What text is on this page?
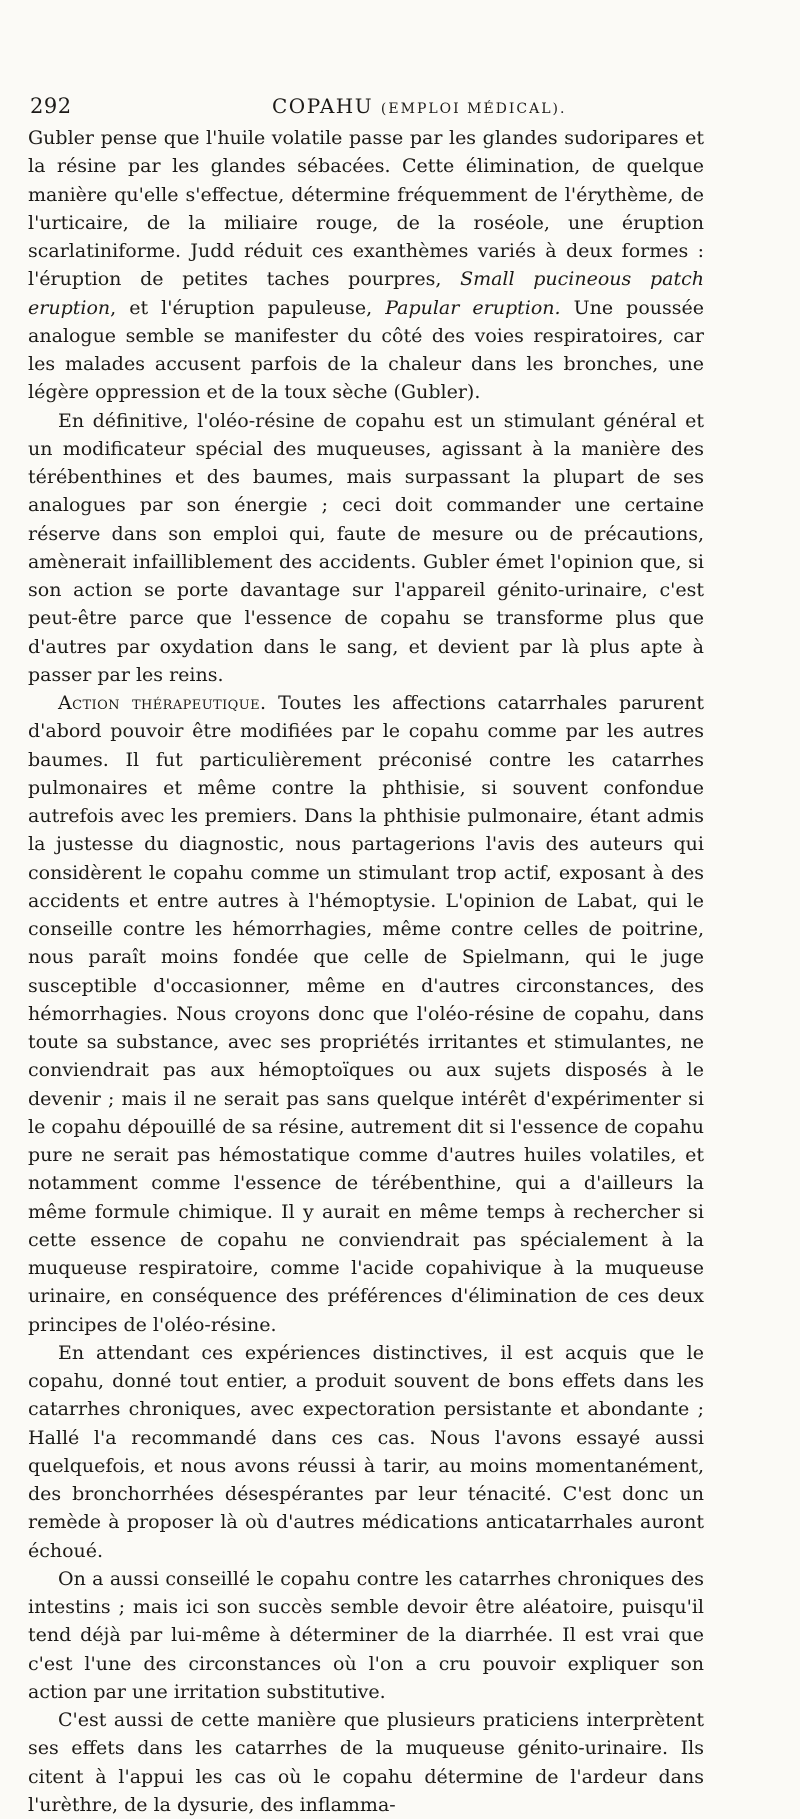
292	COPAHU (EMPLOI MÉDICAL).

Gubler pense que l'huile volatile passe par les glandes sudoripares et la résine par les glandes sébacées. Cette élimination, de quelque manière qu'elle s'effectue, détermine fréquemment de l'érythème, de l'urticaire, de la miliaire rouge, de la roséole, une éruption scarlatiniforme. Judd réduit ces exanthèmes variés à deux formes : l'éruption de petites taches pourpres, Small pucineous patch eruption, et l'éruption papuleuse, Papular eruption. Une poussée analogue semble se manifester du côté des voies respiratoires, car les malades accusent parfois de la chaleur dans les bronches, une légère oppression et de la toux sèche (Gubler).

En définitive, l'oléo-résine de copahu est un stimulant général et un modificateur spécial des muqueuses, agissant à la manière des térébenthines et des baumes, mais surpassant la plupart de ses analogues par son énergie ; ceci doit commander une certaine réserve dans son emploi qui, faute de mesure ou de précautions, amènerait infailliblement des accidents. Gubler émet l'opinion que, si son action se porte davantage sur l'appareil génito-urinaire, c'est peut-être parce que l'essence de copahu se transforme plus que d'autres par oxydation dans le sang, et devient par là plus apte à passer par les reins.

Action thérapeutique. Toutes les affections catarrhales parurent d'abord pouvoir être modifiées par le copahu comme par les autres baumes. Il fut particulièrement préconisé contre les catarrhes pulmonaires et même contre la phthisie, si souvent confondue autrefois avec les premiers. Dans la phthisie pulmonaire, étant admis la justesse du diagnostic, nous partagerions l'avis des auteurs qui considèrent le copahu comme un stimulant trop actif, exposant à des accidents et entre autres à l'hémoptysie. L'opinion de Labat, qui le conseille contre les hémorrhagies, même contre celles de poitrine, nous paraît moins fondée que celle de Spielmann, qui le juge susceptible d'occasionner, même en d'autres circonstances, des hémorrhagies. Nous croyons donc que l'oléo-résine de copahu, dans toute sa substance, avec ses propriétés irritantes et stimulantes, ne conviendrait pas aux hémoptoïques ou aux sujets disposés à le devenir ; mais il ne serait pas sans quelque intérêt d'expérimenter si le copahu dépouillé de sa résine, autrement dit si l'essence de copahu pure ne serait pas hémostatique comme d'autres huiles volatiles, et notamment comme l'essence de térébenthine, qui a d'ailleurs la même formule chimique. Il y aurait en même temps à rechercher si cette essence de copahu ne conviendrait pas spécialement à la muqueuse respiratoire, comme l'acide copahivique à la muqueuse urinaire, en conséquence des préférences d'élimination de ces deux principes de l'oléo-résine.

En attendant ces expériences distinctives, il est acquis que le copahu, donné tout entier, a produit souvent de bons effets dans les catarrhes chroniques, avec expectoration persistante et abondante ; Hallé l'a recommandé dans ces cas. Nous l'avons essayé aussi quelquefois, et nous avons réussi à tarir, au moins momentanément, des bronchorrhées désespérantes par leur ténacité. C'est donc un remède à proposer là où d'autres médications anticatarrhales auront échoué.

On a aussi conseillé le copahu contre les catarrhes chroniques des intestins ; mais ici son succès semble devoir être aléatoire, puisqu'il tend déjà par lui-même à déterminer de la diarrhée. Il est vrai que c'est l'une des circonstances où l'on a cru pouvoir expliquer son action par une irritation substitutive.

C'est aussi de cette manière que plusieurs praticiens interprètent ses effets dans les catarrhes de la muqueuse génito-urinaire. Ils citent à l'appui les cas où le copahu détermine de l'ardeur dans l'urèthre, de la dysurie, des inflamma-
